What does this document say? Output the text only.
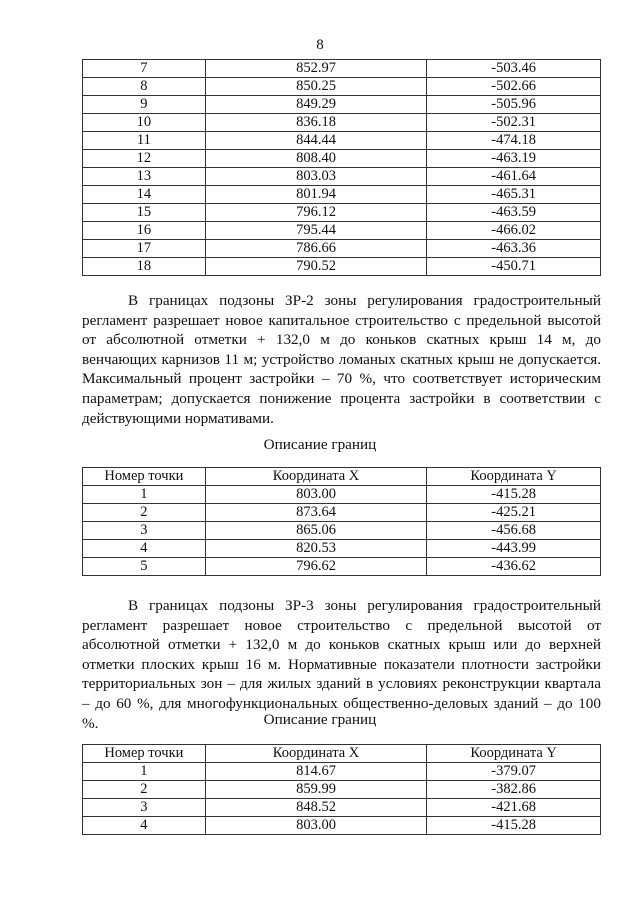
8
7	852.97	-503.46
8	850.25	-502.66
9	849.29	-505.96
10	836.18	-502.31
11	844.44	-474.18
12	808.40	-463.19
13	803.03	-461.64
14	801.94	-465.31
15	796.12	-463.59
16	795.44	-466.02
17	786.66	-463.36
18	790.52	-450.71

В границах подзоны ЗР-2 зоны регулирования градостроительный регламент разрешает новое капитальное строительство с предельной высотой от абсолютной отметки + 132,0 м до коньков скатных крыш 14 м, до венчающих карнизов 11 м; устройство ломаных скатных крыш не допускается. Максимальный процент застройки – 70 %, что соответствует историческим параметрам; допускается понижение процента застройки в соответствии с действующими нормативами.

Описание границ
Номер точки	Координата X	Координата Y
1	803.00	-415.28
2	873.64	-425.21
3	865.06	-456.68
4	820.53	-443.99
5	796.62	-436.62

В границах подзоны ЗР-3 зоны регулирования градостроительный регламент разрешает новое строительство с предельной высотой от абсолютной отметки + 132,0 м до коньков скатных крыш или до верхней отметки плоских крыш 16 м. Нормативные показатели плотности застройки территориальных зон – для жилых зданий в условиях реконструкции квартала – до 60 %, для многофункциональных общественно-деловых зданий – до 100 %.	Описание границ
Номер точки	Координата X	Координата Y
1	814.67	-379.07
2	859.99	-382.86
3	848.52	-421.68
4	803.00	-415.28
